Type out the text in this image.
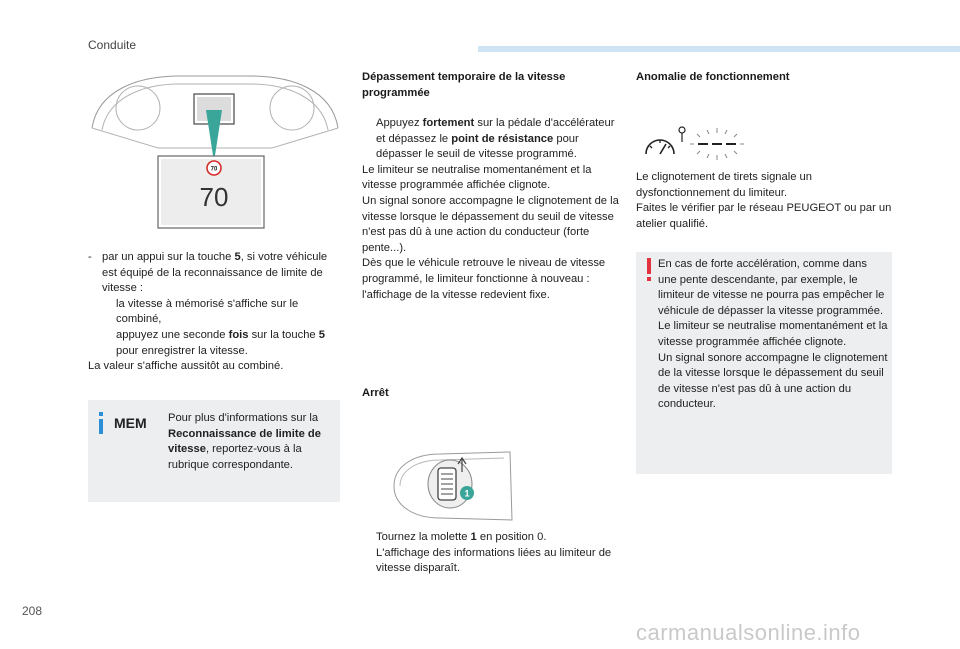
Conduite
70
70
- par un appui sur la touche 5, si votre véhicule est équipé de la reconnaissance de limite de vitesse :
la vitesse à mémorisé s'affiche sur le combiné,
appuyez une seconde fois sur la touche 5 pour enregistrer la vitesse.
La valeur s'affiche aussitôt au combiné.
MEM Pour plus d'informations sur la Reconnaissance de limite de vitesse, reportez-vous à la rubrique correspondante.
Dépassement temporaire de la vitesse programmée
Appuyez fortement sur la pédale d'accélérateur et dépassez le point de résistance pour dépasser le seuil de vitesse programmé.
Le limiteur se neutralise momentanément et la vitesse programmée affichée clignote.
Un signal sonore accompagne le clignotement de la vitesse lorsque le dépassement du seuil de vitesse n'est pas dû à une action du conducteur (forte pente...).
Dès que le véhicule retrouve le niveau de vitesse programmé, le limiteur fonctionne à nouveau : l'affichage de la vitesse redevient fixe.
Arrêt
1
Tournez la molette 1 en position 0.
L'affichage des informations liées au limiteur de vitesse disparaît.
Anomalie de fonctionnement
Le clignotement de tirets signale un dysfonctionnement du limiteur.
Faites le vérifier par le réseau PEUGEOT ou par un atelier qualifié.
En cas de forte accélération, comme dans une pente descendante, par exemple, le limiteur de vitesse ne pourra pas empêcher le véhicule de dépasser la vitesse programmée.
Le limiteur se neutralise momentanément et la vitesse programmée affichée clignote.
Un signal sonore accompagne le clignotement de la vitesse lorsque le dépassement du seuil de vitesse n'est pas dû à une action du conducteur.
208
carmanualsonline.info
